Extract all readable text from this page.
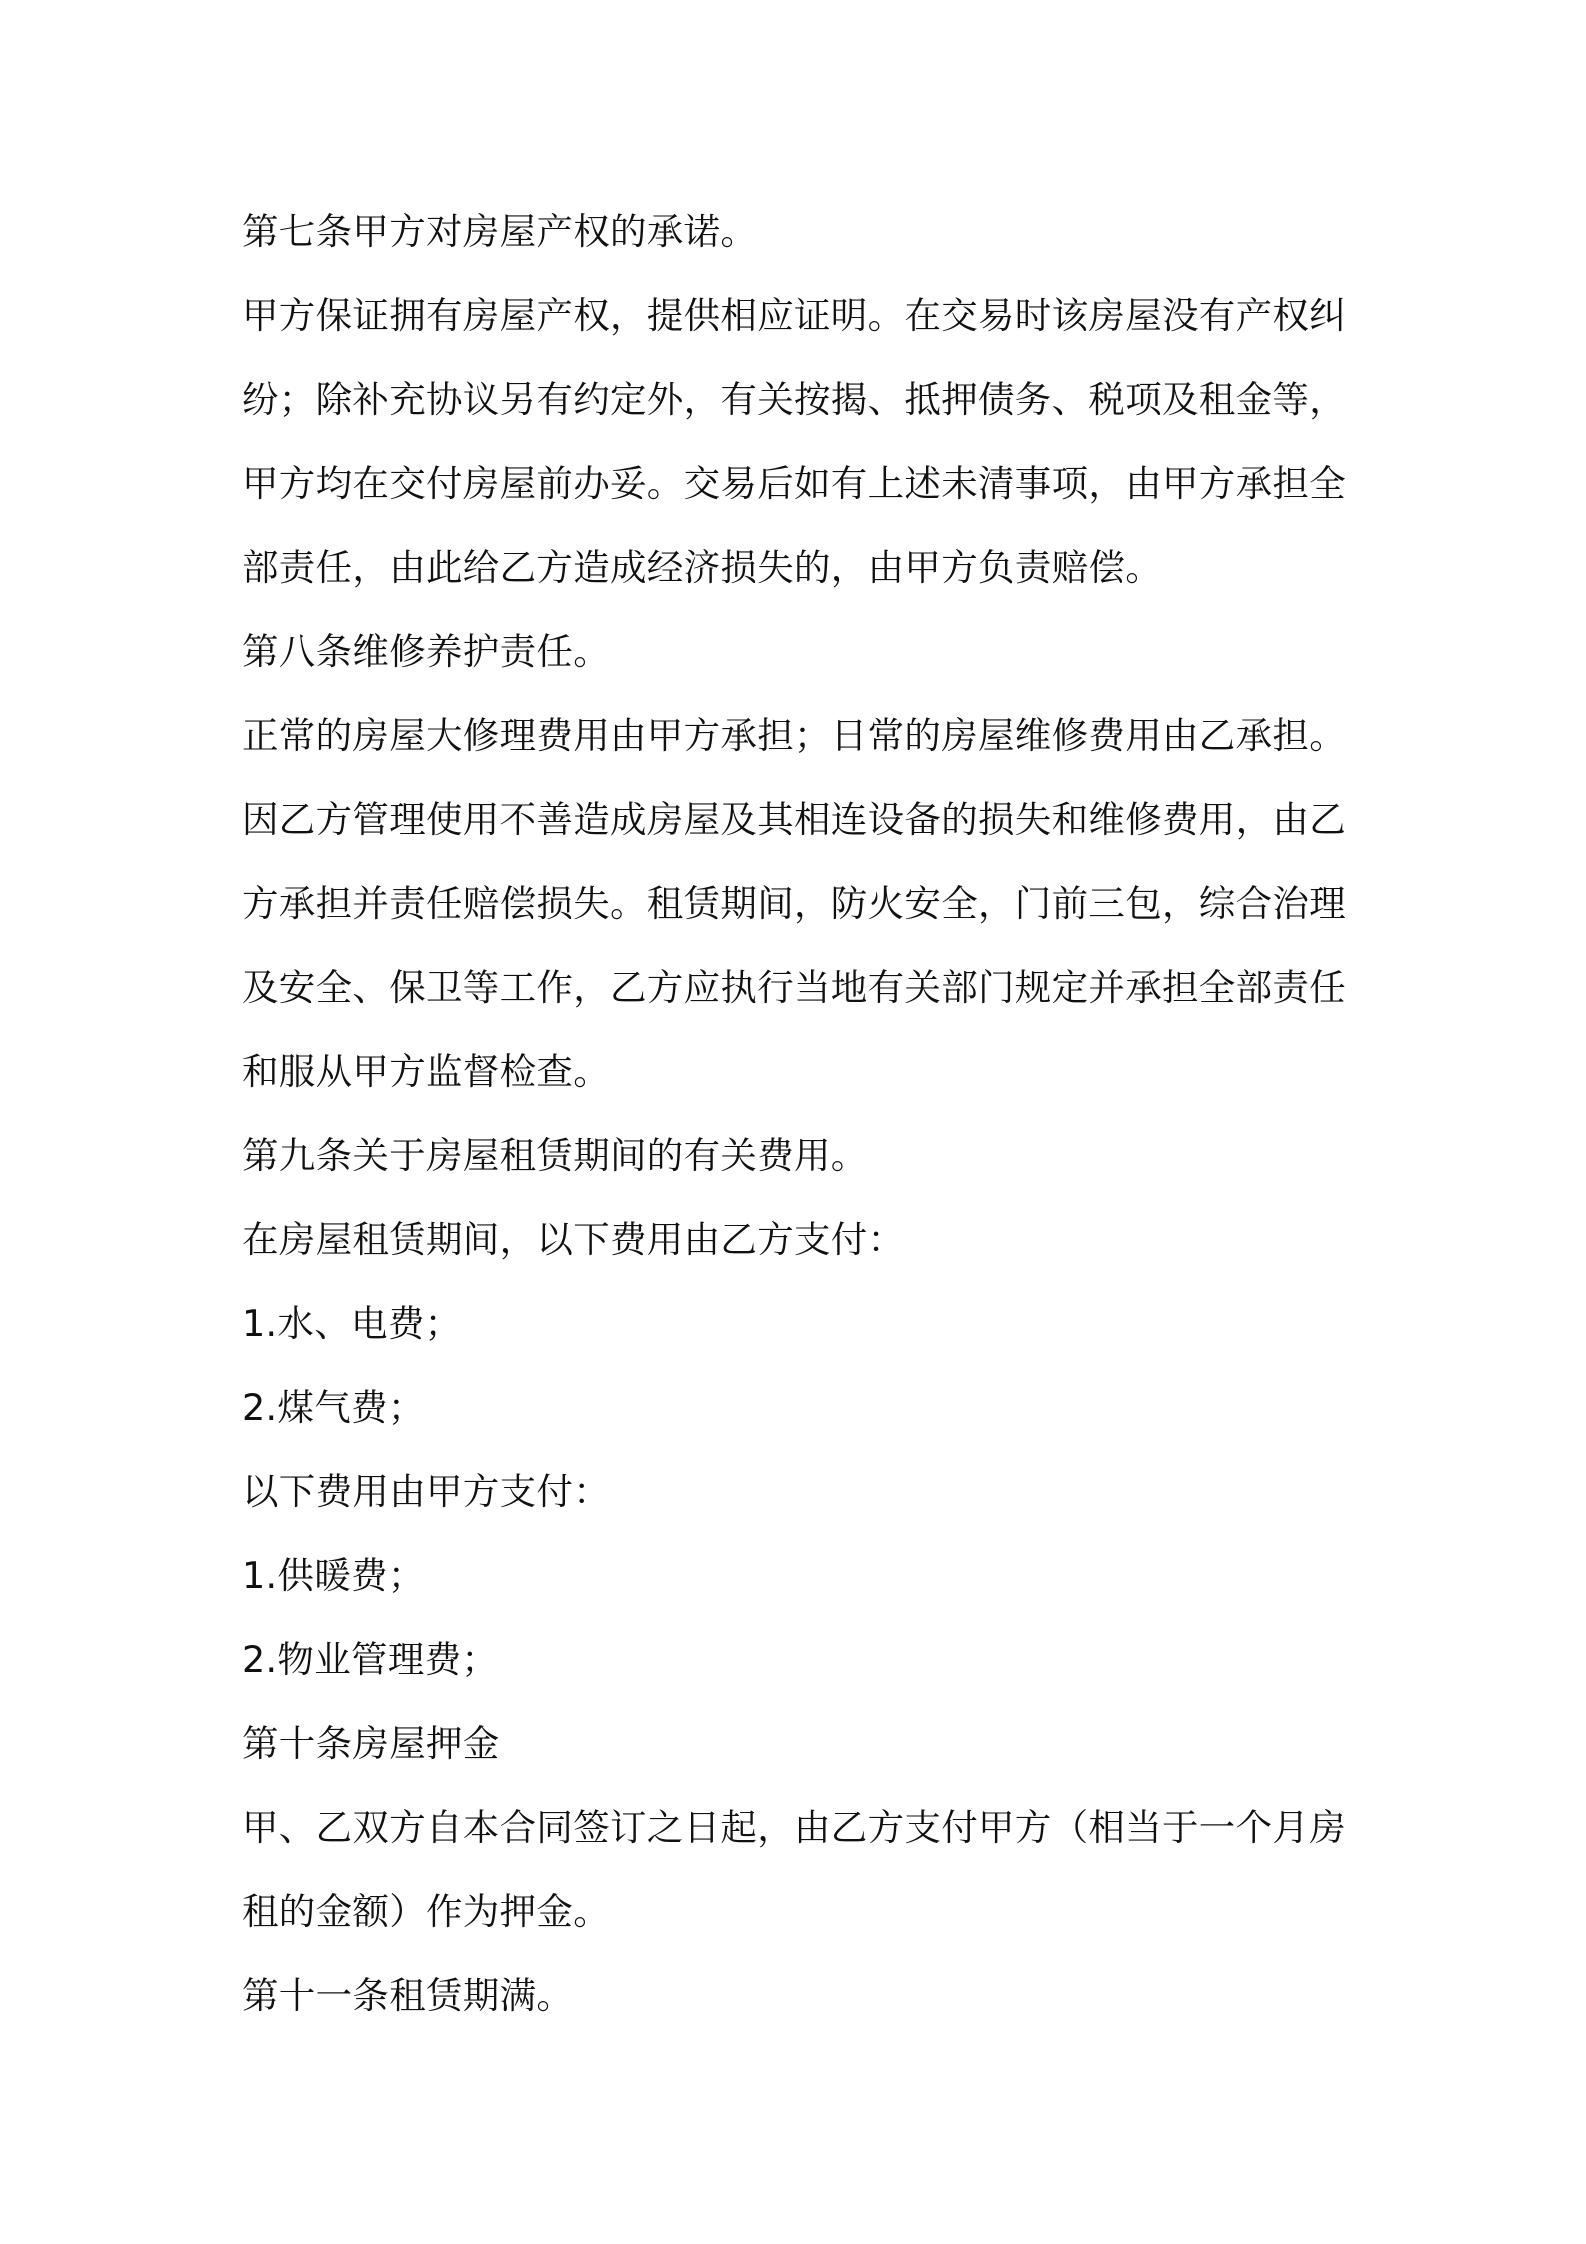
第七条甲方对房屋产权的承诺。
甲方保证拥有房屋产权，提供相应证明。在交易时该房屋没有产权纠
纷；除补充协议另有约定外，有关按揭、抵押债务、税项及租金等，
甲方均在交付房屋前办妥。交易后如有上述未清事项，由甲方承担全
部责任，由此给乙方造成经济损失的，由甲方负责赔偿。
第八条维修养护责任。
正常的房屋大修理费用由甲方承担；日常的房屋维修费用由乙承担。
因乙方管理使用不善造成房屋及其相连设备的损失和维修费用，由乙
方承担并责任赔偿损失。租赁期间，防火安全，门前三包，综合治理
及安全、保卫等工作，乙方应执行当地有关部门规定并承担全部责任
和服从甲方监督检查。
第九条关于房屋租赁期间的有关费用。
在房屋租赁期间，以下费用由乙方支付：
1.水、电费；
2.煤气费；
以下费用由甲方支付：
1.供暖费；
2.物业管理费；
第十条房屋押金
甲、乙双方自本合同签订之日起，由乙方支付甲方（相当于一个月房
租的金额）作为押金。
第十一条租赁期满。
